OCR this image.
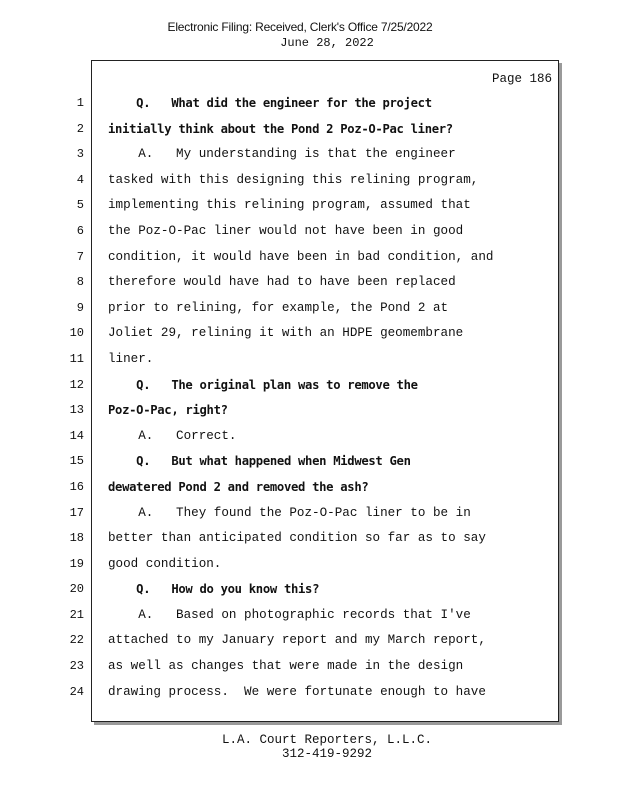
Electronic Filing: Received, Clerk's Office 7/25/2022
June 28, 2022
Page 186
1 Q.   What did the engineer for the project
2 initially think about the Pond 2 Poz-O-Pac liner?
3 A.   My understanding is that the engineer
4 tasked with this designing this relining program,
5 implementing this relining program, assumed that
6 the Poz-O-Pac liner would not have been in good
7 condition, it would have been in bad condition, and
8 therefore would have had to have been replaced
9 prior to relining, for example, the Pond 2 at
10 Joliet 29, relining it with an HDPE geomembrane
11 liner.
12 Q.   The original plan was to remove the
13 Poz-O-Pac, right?
14 A.   Correct.
15 Q.   But what happened when Midwest Gen
16 dewatered Pond 2 and removed the ash?
17 A.   They found the Poz-O-Pac liner to be in
18 better than anticipated condition so far as to say
19 good condition.
20 Q.   How do you know this?
21 A.   Based on photographic records that I've
22 attached to my January report and my March report,
23 as well as changes that were made in the design
24 drawing process.  We were fortunate enough to have
L.A. Court Reporters, L.L.C.
312-419-9292
